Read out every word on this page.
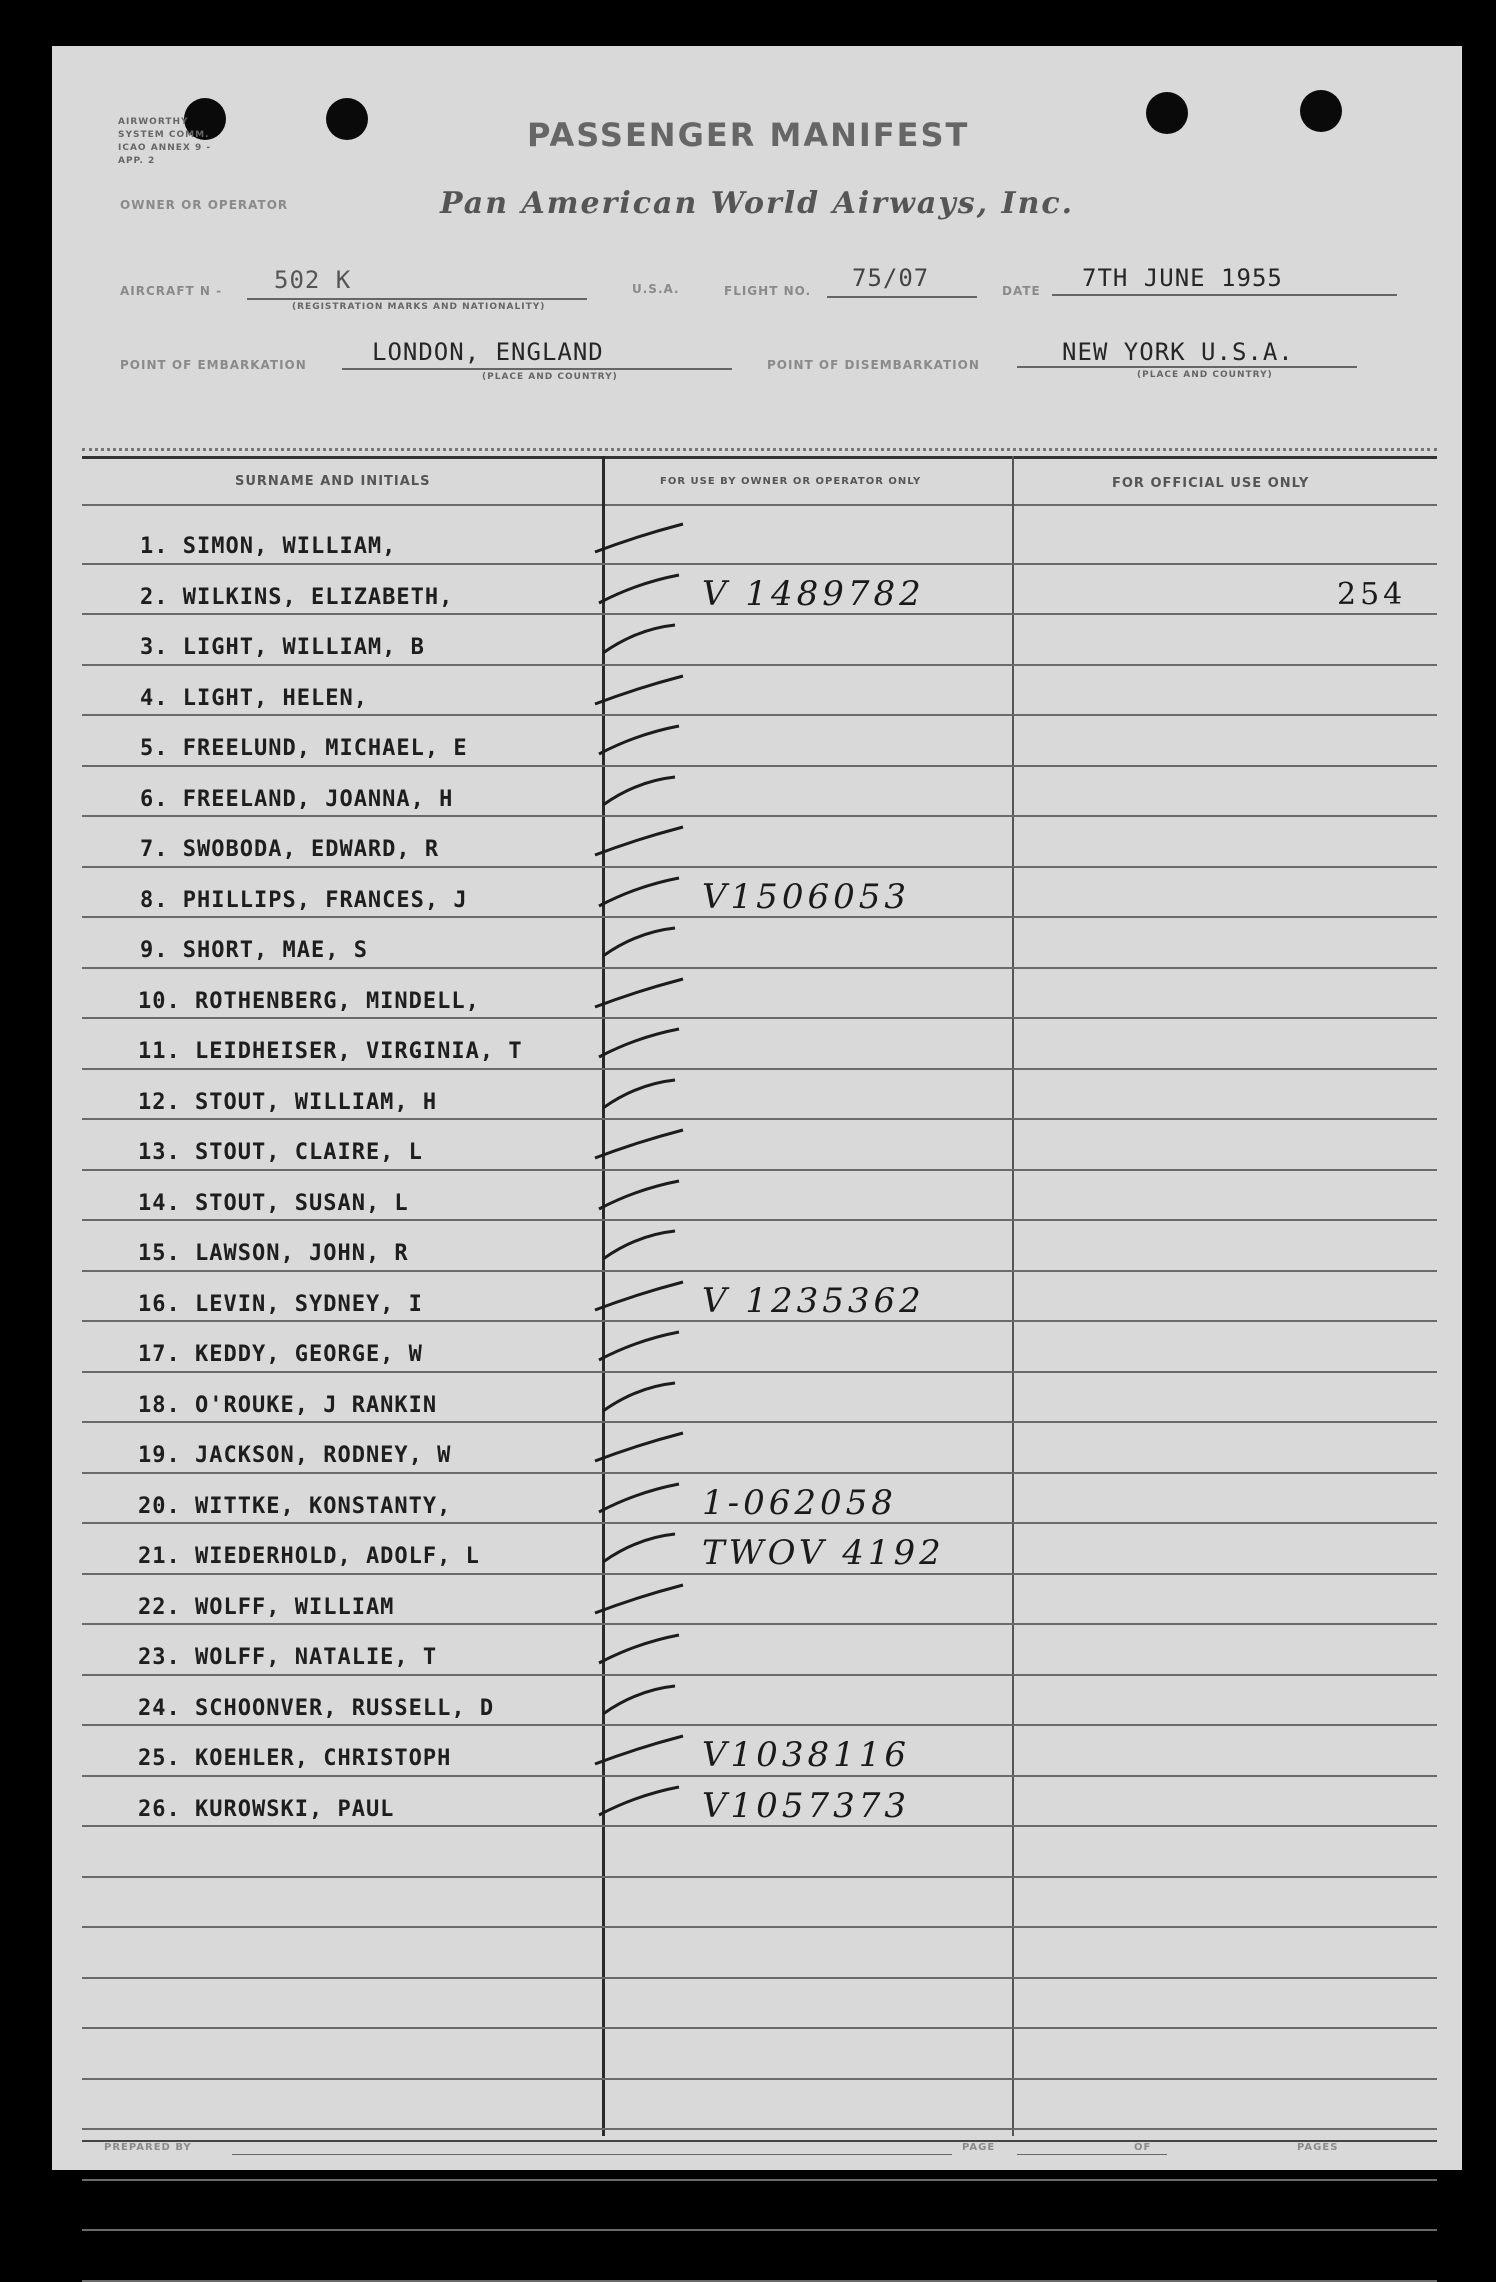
AIRWORTHY SYSTEM COMM. ICAO ANNEX 9 - APP. 2
PASSENGER MANIFEST
OWNER OR OPERATOR	Pan American World Airways, Inc.
AIRCRAFT N - 502 K
(REGISTRATION MARKS AND NATIONALITY)
U.S.A.	FLIGHT NO. 75/07	DATE 7TH JUNE 1955
POINT OF EMBARKATION	LONDON, ENGLAND
(PLACE AND COUNTRY)
POINT OF DISEMBARKATION	NEW YORK U.S.A.
(PLACE AND COUNTRY)
SURNAME AND INITIALS	FOR USE BY OWNER OR OPERATOR ONLY	FOR OFFICIAL USE ONLY
1. SIMON, WILLIAM,
2. WILKINS, ELIZABETH,	V 1489782	254
3. LIGHT, WILLIAM, B
4. LIGHT, HELEN,
5. FREELUND, MICHAEL, E
6. FREELAND, JOANNA, H
7. SWOBODA, EDWARD, R
8. PHILLIPS, FRANCES, J	V1506053
9. SHORT, MAE, S
10. ROTHENBERG, MINDELL,
11. LEIDHEISER, VIRGINIA, T
12. STOUT, WILLIAM, H
13. STOUT, CLAIRE, L
14. STOUT, SUSAN, L
15. LAWSON, JOHN, R
16. LEVIN, SYDNEY, I	V 1235362
17. KEDDY, GEORGE, W
18. O'ROUKE, J RANKIN
19. JACKSON, RODNEY, W
20. WITTKE, KONSTANTY,	1-062058
21. WIEDERHOLD, ADOLF, L	TWOV 4192
22. WOLFF, WILLIAM
23. WOLFF, NATALIE, T
24. SCHOONVER, RUSSELL, D
25. KOEHLER, CHRISTOPH	V1038116
26. KUROWSKI, PAUL	V1057373
PREPARED BY	PAGE	OF	PAGES
